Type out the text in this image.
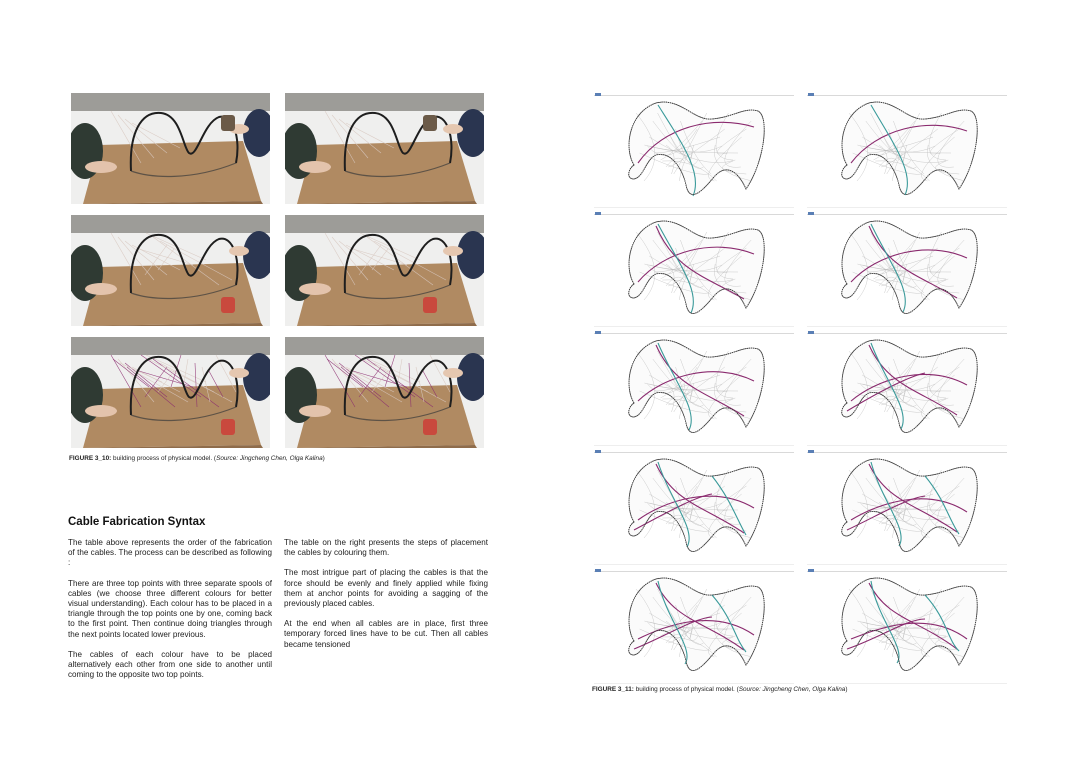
FIGURE 3_10: building process of physical model. (Source: Jingcheng Chen, Olga Kalina)
Cable Fabrication Syntax

The table above represents the order of the fabrication of the cables. The process can be described as following :

There are three top points with three separate spools of cables (we choose three different colours for better visual understanding). Each colour has to be placed in a triangle through the top points one by one, coming back to the first point. Then continue doing triangles through the next points located lower previous.

The cables of each colour have to be placed alternatively each other from one side to another until coming to the opposite two top points.

The table on the right presents the steps of placement the cables by colouring them.

The most intrigue part of placing the cables is that the force should be evenly and finely applied while fixing them at anchor points for avoiding a sagging of the previously placed cables.

At the end when all cables are in place, first three temporary forced lines have to be cut. Then all cables became tensioned

FIGURE 3_11: building process of physical model. (Source: Jingcheng Chen, Olga Kalina)
